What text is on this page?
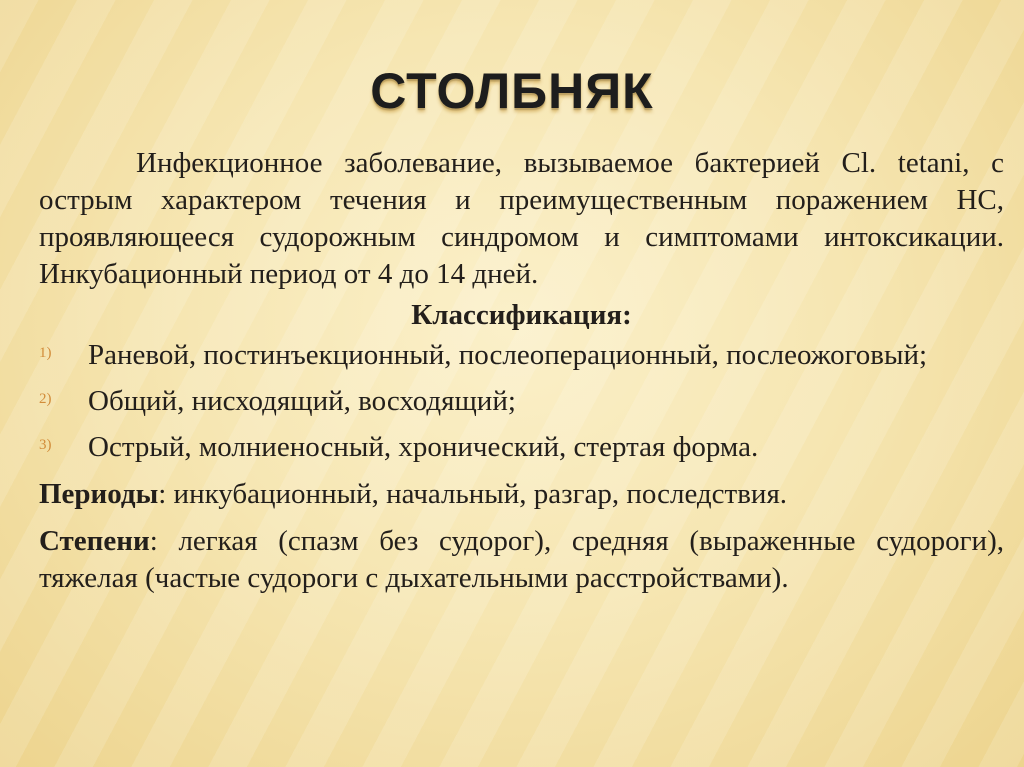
СТОЛБНЯК

Инфекционное заболевание, вызываемое бактерией Cl. tetani, с острым характером течения и преимущественным поражением НС, проявляющееся судорожным синдромом и симптомами интоксикации. Инкубационный период от 4 до 14 дней.

Классификация:

1) Раневой, постинъекционный, послеоперационный, послеожоговый;
2) Общий, нисходящий, восходящий;
3) Острый, молниеносный, хронический, стертая форма.

Периоды: инкубационный, начальный, разгар, последствия.

Степени: легкая (спазм без судорог), средняя (выраженные судороги), тяжелая (частые судороги с дыхательными расстройствами).
